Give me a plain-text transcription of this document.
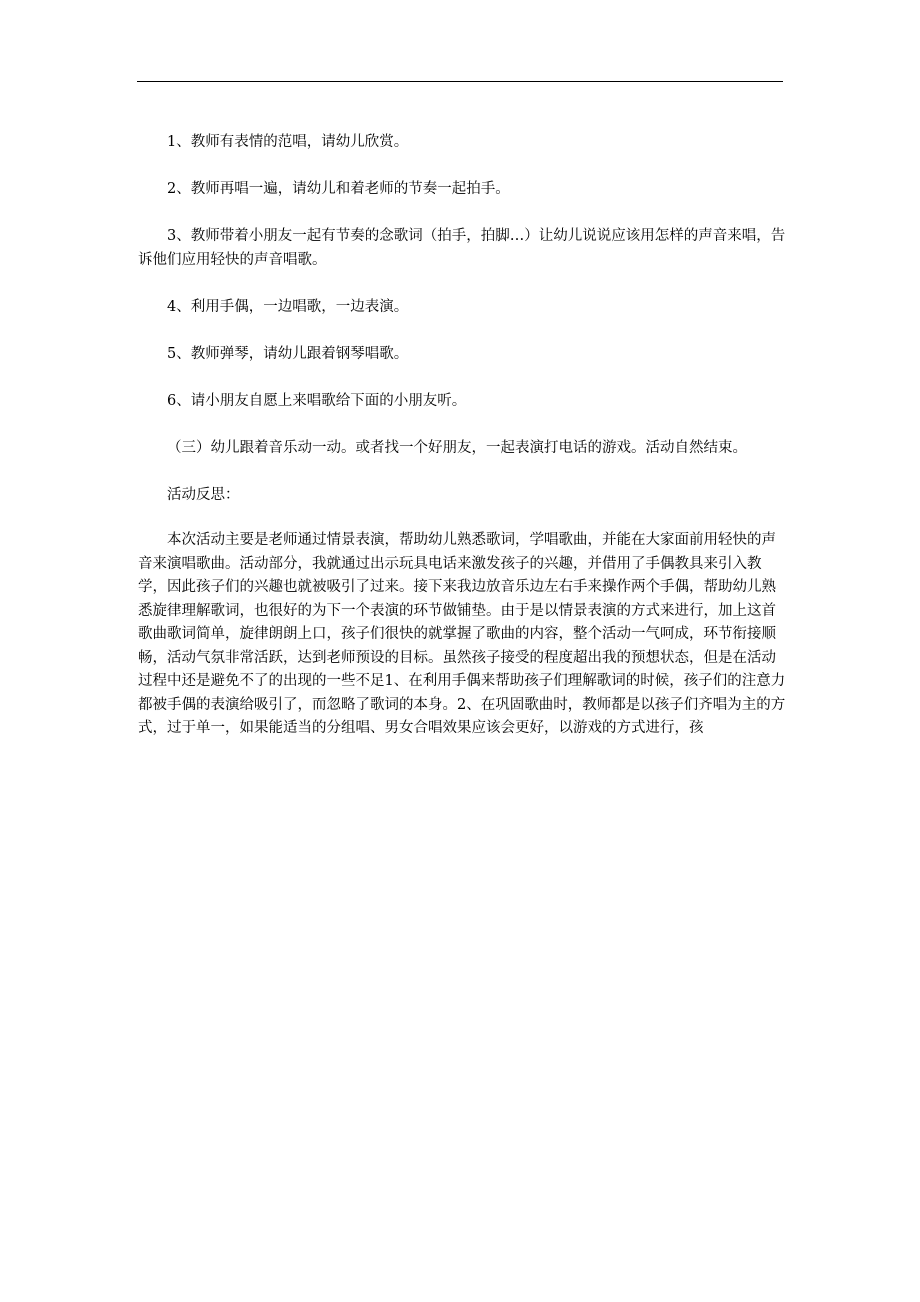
1、教师有表情的范唱，请幼儿欣赏。

2、教师再唱一遍，请幼儿和着老师的节奏一起拍手。

3、教师带着小朋友一起有节奏的念歌词（拍手，拍脚…）让幼儿说说应该用怎样的声音来唱，告诉他们应用轻快的声音唱歌。

4、利用手偶，一边唱歌，一边表演。

5、教师弹琴，请幼儿跟着钢琴唱歌。

6、请小朋友自愿上来唱歌给下面的小朋友听。

（三）幼儿跟着音乐动一动。或者找一个好朋友，一起表演打电话的游戏。活动自然结束。

活动反思：

本次活动主要是老师通过情景表演，帮助幼儿熟悉歌词，学唱歌曲，并能在大家面前用轻快的声音来演唱歌曲。活动部分，我就通过出示玩具电话来激发孩子的兴趣，并借用了手偶教具来引入教学，因此孩子们的兴趣也就被吸引了过来。接下来我边放音乐边左右手来操作两个手偶，帮助幼儿熟悉旋律理解歌词，也很好的为下一个表演的环节做铺垫。由于是以情景表演的方式来进行，加上这首歌曲歌词简单，旋律朗朗上口，孩子们很快的就掌握了歌曲的内容，整个活动一气呵成，环节衔接顺畅，活动气氛非常活跃，达到老师预设的目标。虽然孩子接受的程度超出我的预想状态，但是在活动过程中还是避免不了的出现的一些不足1、在利用手偶来帮助孩子们理解歌词的时候，孩子们的注意力都被手偶的表演给吸引了，而忽略了歌词的本身。2、在巩固歌曲时，教师都是以孩子们齐唱为主的方式，过于单一，如果能适当的分组唱、男女合唱效果应该会更好，以游戏的方式进行，孩
